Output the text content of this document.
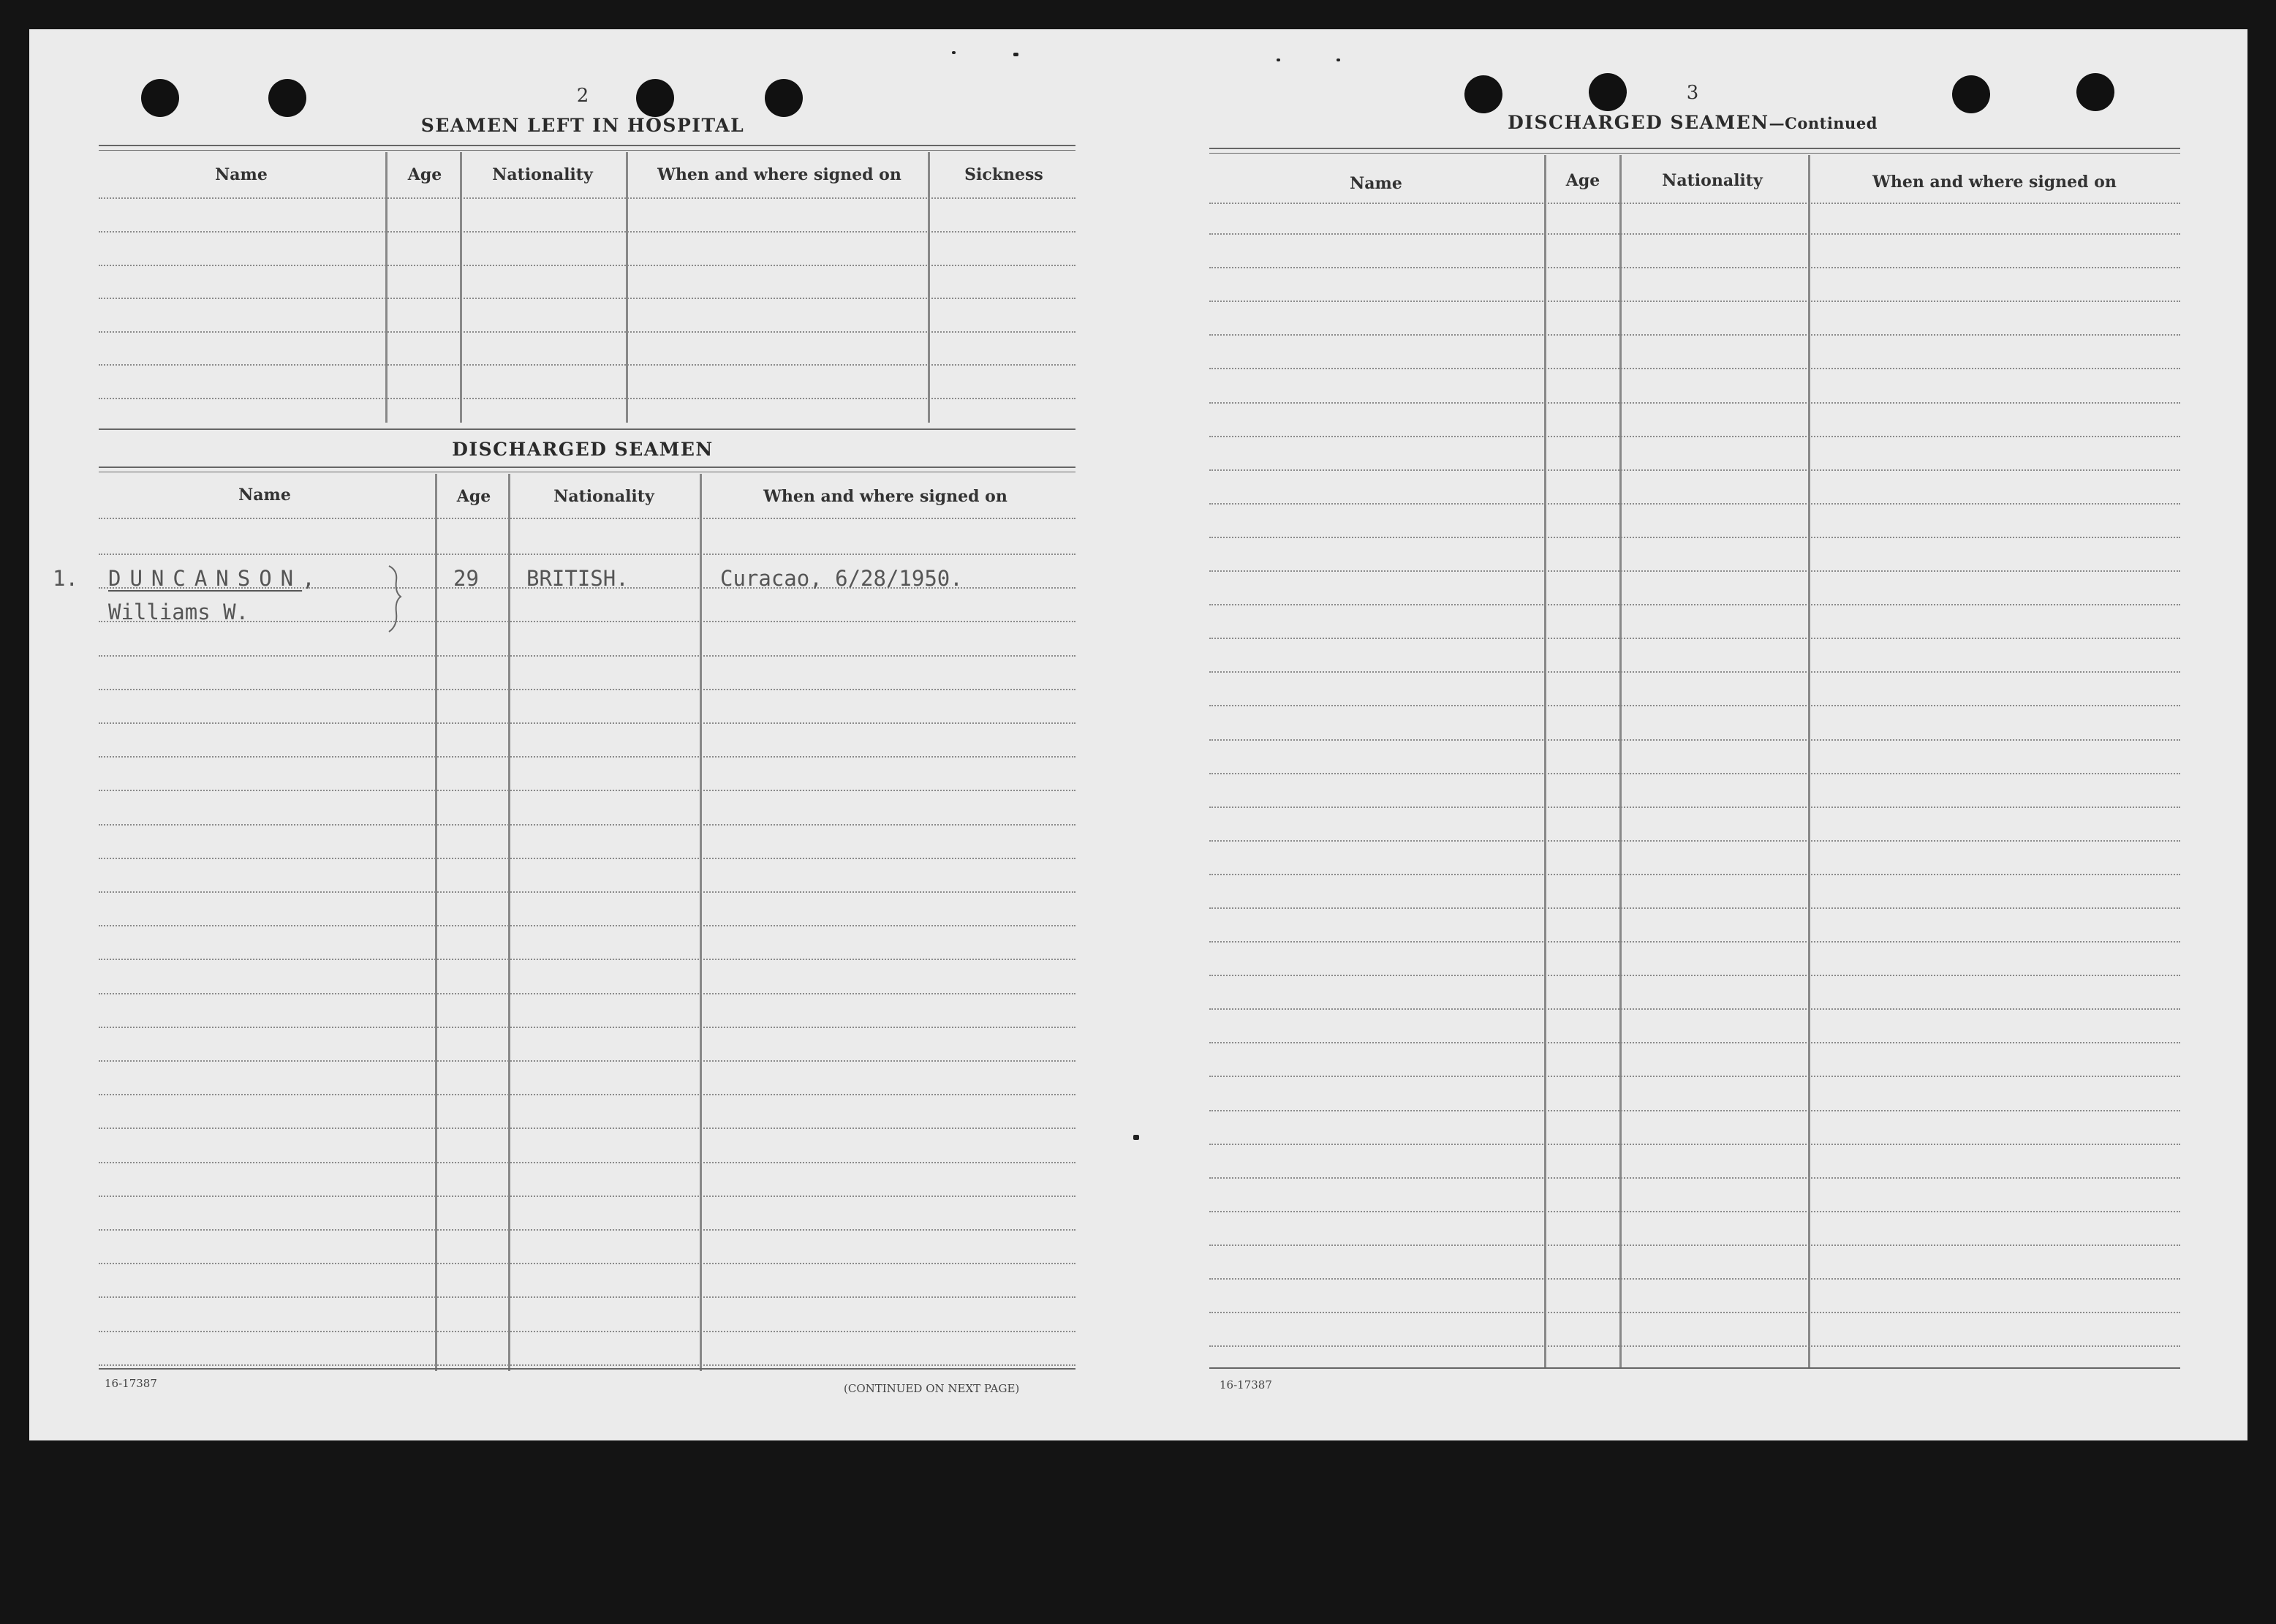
2
SEAMEN LEFT IN HOSPITAL
Name	Age	Nationality	When and where signed on	Sickness
DISCHARGED SEAMEN
Name	Age	Nationality	When and where signed on
1. DUNCANSON,
Williams W.
29 BRITISH.	Curacao, 6/28/1950.
16-17387	(CONTINUED ON NEXT PAGE)
3
DISCHARGED SEAMEN—Continued
Name	Age	Nationality	When and where signed on
16-17387
